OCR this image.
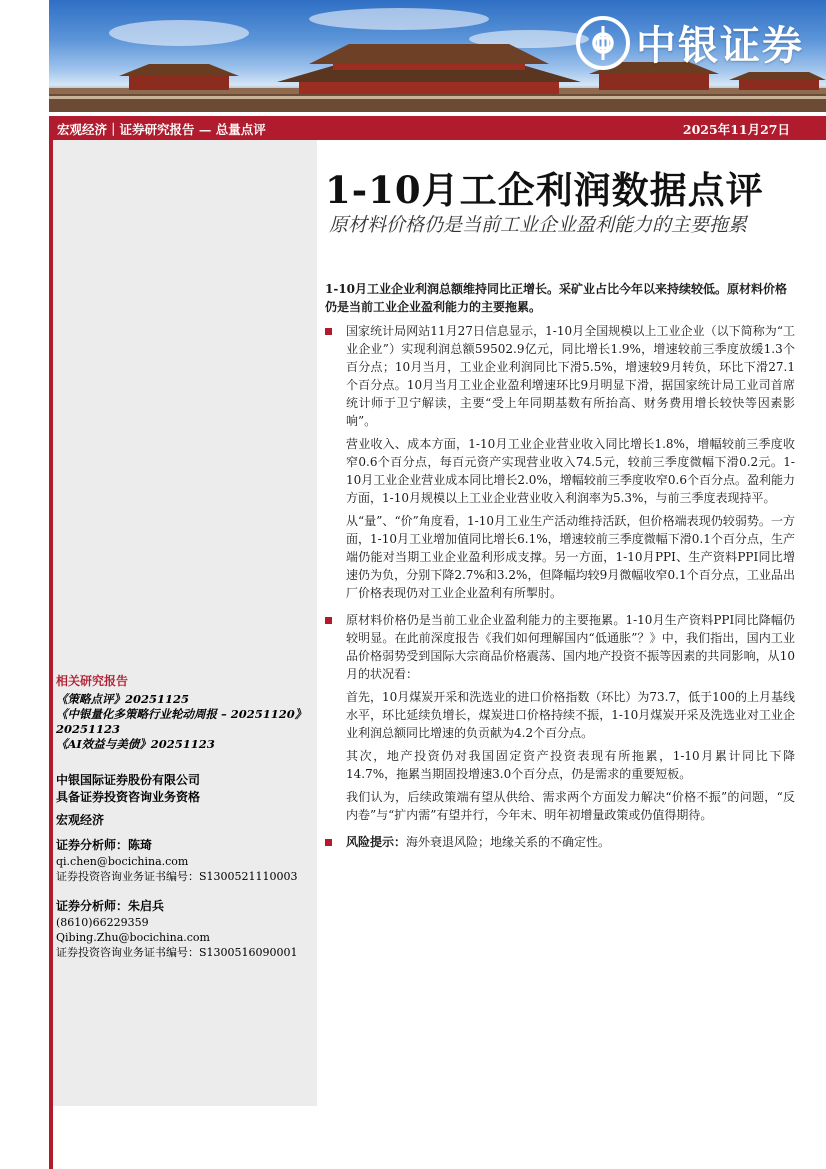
中银证券
宏观经济｜证券研究报告 — 总量点评	2025年11月27日
相关研究报告
《策略点评》20251125
《中银量化多策略行业轮动周报 – 20251120》20251123
《AI效益与美债》20251123
中银国际证券股份有限公司
具备证券投资咨询业务资格
宏观经济
证券分析师：陈琦
qi.chen@bocichina.com
证券投资咨询业务证书编号：S1300521110003
证券分析师：朱启兵
(8610)66229359
Qibing.Zhu@bocichina.com
证券投资咨询业务证书编号：S1300516090001
1-10月工企利润数据点评
原材料价格仍是当前工业企业盈利能力的主要拖累
1-10月工业企业利润总额维持同比正增长。采矿业占比今年以来持续较低。原材料价格仍是当前工业企业盈利能力的主要拖累。

国家统计局网站11月27日信息显示，1-10月全国规模以上工业企业（以下简称为“工业企业”）实现利润总额59502.9亿元，同比增长1.9%，增速较前三季度放缓1.3个百分点；10月当月，工业企业利润同比下滑5.5%，增速较9月转负，环比下滑27.1个百分点。10月当月工业企业盈利增速环比9月明显下滑，据国家统计局工业司首席统计师于卫宁解读，主要“受上年同期基数有所抬高、财务费用增长较快等因素影响”。

营业收入、成本方面，1-10月工业企业营业收入同比增长1.8%，增幅较前三季度收窄0.6个百分点，每百元资产实现营业收入74.5元，较前三季度微幅下滑0.2元。1-10月工业企业营业成本同比增长2.0%，增幅较前三季度收窄0.6个百分点。盈利能力方面，1-10月规模以上工业企业营业收入利润率为5.3%，与前三季度表现持平。

从“量”、“价”角度看，1-10月工业生产活动维持活跃，但价格端表现仍较弱势。一方面，1-10月工业增加值同比增长6.1%，增速较前三季度微幅下滑0.1个百分点，生产端仍能对当期工业企业盈利形成支撑。另一方面，1-10月PPI、生产资料PPI同比增速仍为负，分别下降2.7%和3.2%，但降幅均较9月微幅收窄0.1个百分点，工业品出厂价格表现仍对工业企业盈利有所掣肘。

原材料价格仍是当前工业企业盈利能力的主要拖累。1-10月生产资料PPI同比降幅仍较明显。在此前深度报告《我们如何理解国内“低通胀”？》中，我们指出，国内工业品价格弱势受到国际大宗商品价格震荡、国内地产投资不振等因素的共同影响，从10月的状况看：

首先，10月煤炭开采和洗选业的进口价格指数（环比）为73.7，低于100的上月基线水平，环比延续负增长，煤炭进口价格持续不振，1-10月煤炭开采及洗选业对工业企业利润总额同比增速的负贡献为4.2个百分点。

其次，地产投资仍对我国固定资产投资表现有所拖累，1-10月累计同比下降14.7%，拖累当期固投增速3.0个百分点，仍是需求的重要短板。

我们认为，后续政策端有望从供给、需求两个方面发力解决“价格不振”的问题，“反内卷”与“扩内需”有望并行，今年末、明年初增量政策或仍值得期待。

风险提示：海外衰退风险；地缘关系的不确定性。
